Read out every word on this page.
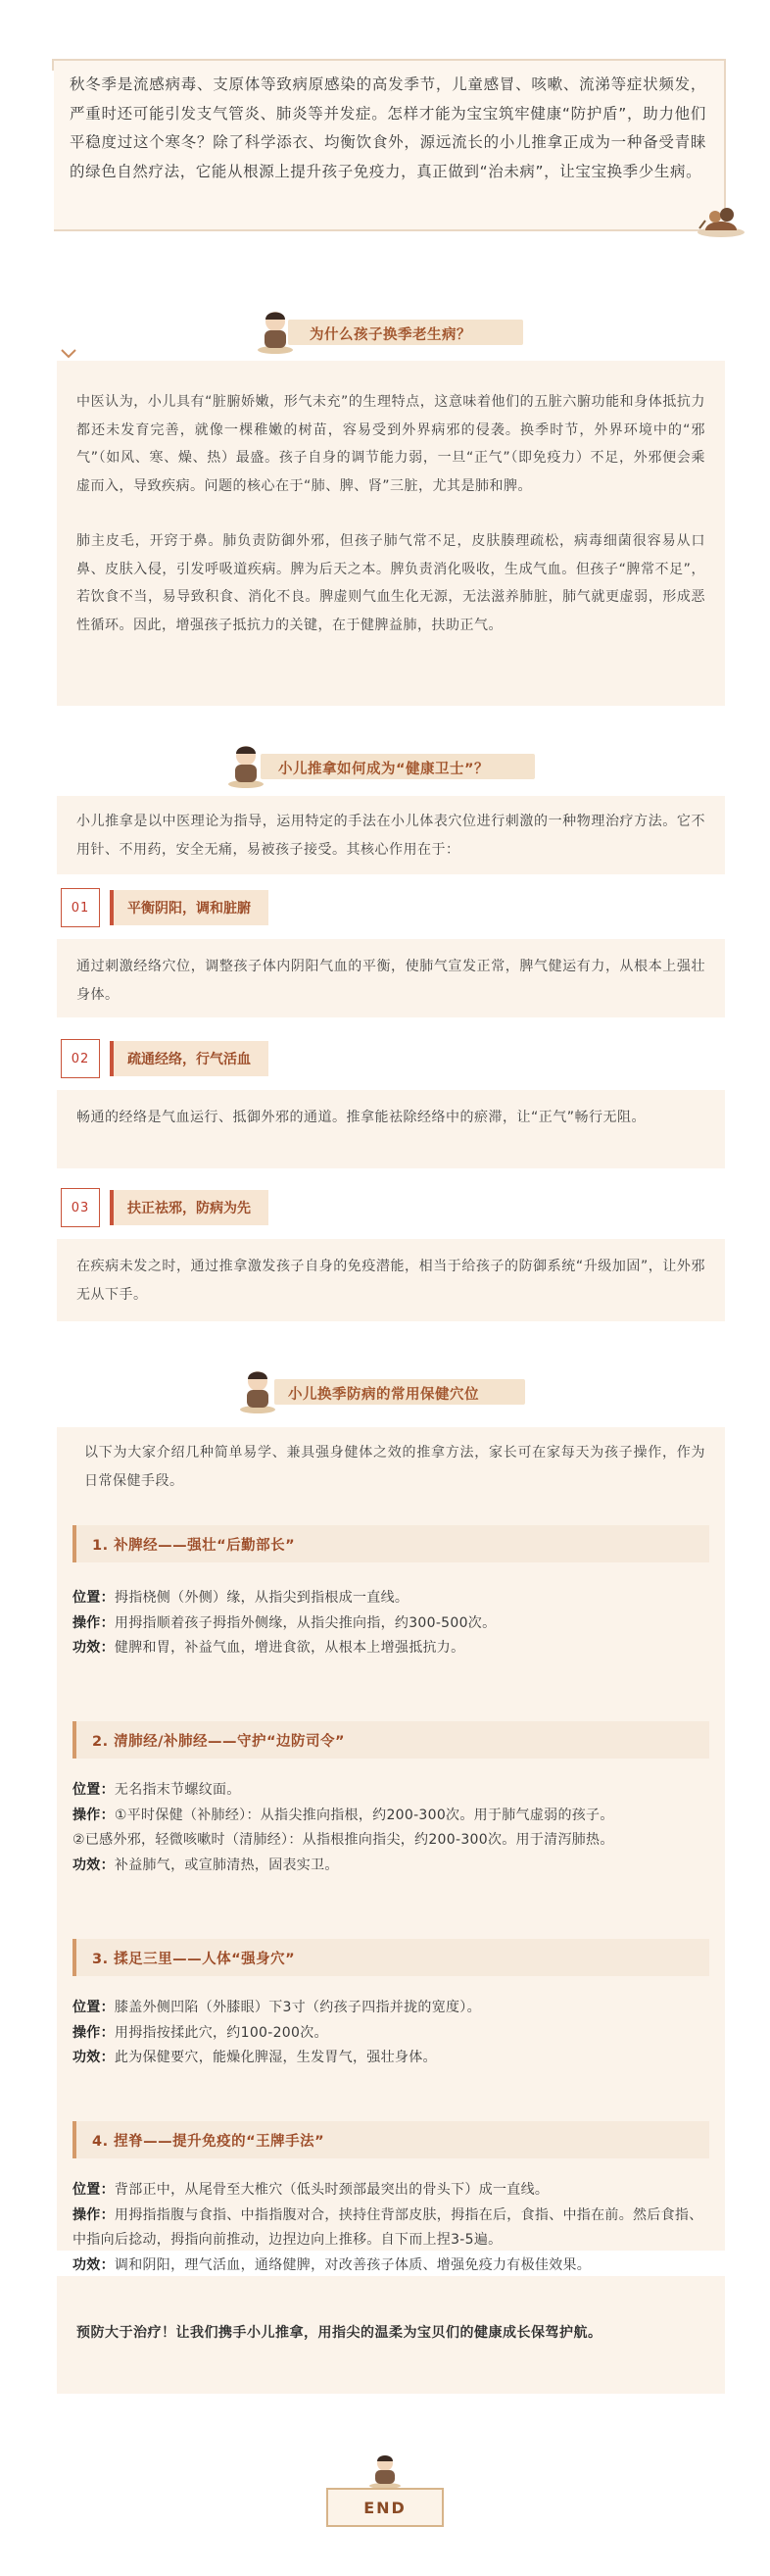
秋冬季是流感病毒、支原体等致病原感染的高发季节，儿童感冒、咳嗽、流涕等症状频发，严重时还可能引发支气管炎、肺炎等并发症。怎样才能为宝宝筑牢健康“防护盾”，助力他们平稳度过这个寒冬？除了科学添衣、均衡饮食外，源远流长的小儿推拿正成为一种备受青睐的绿色自然疗法，它能从根源上提升孩子免疫力，真正做到“治未病”，让宝宝换季少生病。

为什么孩子换季老生病？

中医认为，小儿具有“脏腑娇嫩，形气未充”的生理特点，这意味着他们的五脏六腑功能和身体抵抗力都还未发育完善，就像一棵稚嫩的树苗，容易受到外界病邪的侵袭。换季时节，外界环境中的“邪气”（如风、寒、燥、热）最盛。孩子自身的调节能力弱，一旦“正气”（即免疫力）不足，外邪便会乘虚而入，导致疾病。问题的核心在于“肺、脾、肾”三脏，尤其是肺和脾。

肺主皮毛，开窍于鼻。肺负责防御外邪，但孩子肺气常不足，皮肤腠理疏松，病毒细菌很容易从口鼻、皮肤入侵，引发呼吸道疾病。脾为后天之本。脾负责消化吸收，生成气血。但孩子“脾常不足”，若饮食不当，易导致积食、消化不良。脾虚则气血生化无源，无法滋养肺脏，肺气就更虚弱，形成恶性循环。因此，增强孩子抵抗力的关键，在于健脾益肺，扶助正气。

小儿推拿如何成为“健康卫士”？

小儿推拿是以中医理论为指导，运用特定的手法在小儿体表穴位进行刺激的一种物理治疗方法。它不用针、不用药，安全无痛，易被孩子接受。其核心作用在于：

01	平衡阴阳，调和脏腑

通过刺激经络穴位，调整孩子体内阴阳气血的平衡，使肺气宣发正常，脾气健运有力，从根本上强壮身体。

02	疏通经络，行气活血

畅通的经络是气血运行、抵御外邪的通道。推拿能祛除经络中的瘀滞，让“正气”畅行无阻。

03	扶正祛邪，防病为先

在疾病未发之时，通过推拿激发孩子自身的免疫潜能，相当于给孩子的防御系统“升级加固”，让外邪无从下手。

小儿换季防病的常用保健穴位

以下为大家介绍几种简单易学、兼具强身健体之效的推拿方法，家长可在家每天为孩子操作，作为日常保健手段。

1. 补脾经——强壮“后勤部长”
位置：拇指桡侧（外侧）缘，从指尖到指根成一直线。
操作：用拇指顺着孩子拇指外侧缘，从指尖推向指，约300-500次。
功效：健脾和胃，补益气血，增进食欲，从根本上增强抵抗力。
2. 清肺经/补肺经——守护“边防司令”
位置：无名指末节螺纹面。
操作：①平时保健（补肺经）：从指尖推向指根，约200-300次。用于肺气虚弱的孩子。
②已感外邪，轻微咳嗽时（清肺经）：从指根推向指尖，约200-300次。用于清泻肺热。
功效：补益肺气，或宣肺清热，固表实卫。
3. 揉足三里——人体“强身穴”
位置：膝盖外侧凹陷（外膝眼）下3寸（约孩子四指并拢的宽度）。
操作：用拇指按揉此穴，约100-200次。
功效：此为保健要穴，能燥化脾湿，生发胃气，强壮身体。
4. 捏脊——提升免疫的“王牌手法”
位置：背部正中，从尾骨至大椎穴（低头时颈部最突出的骨头下）成一直线。
操作：用拇指指腹与食指、中指指腹对合，挟持住背部皮肤，拇指在后，食指、中指在前。然后食指、中指向后捻动，拇指向前推动，边捏边向上推移。自下而上捏3-5遍。
功效：调和阴阳，理气活血，通络健脾，对改善孩子体质、增强免疫力有极佳效果。

预防大于治疗！让我们携手小儿推拿，用指尖的温柔为宝贝们的健康成长保驾护航。

END
